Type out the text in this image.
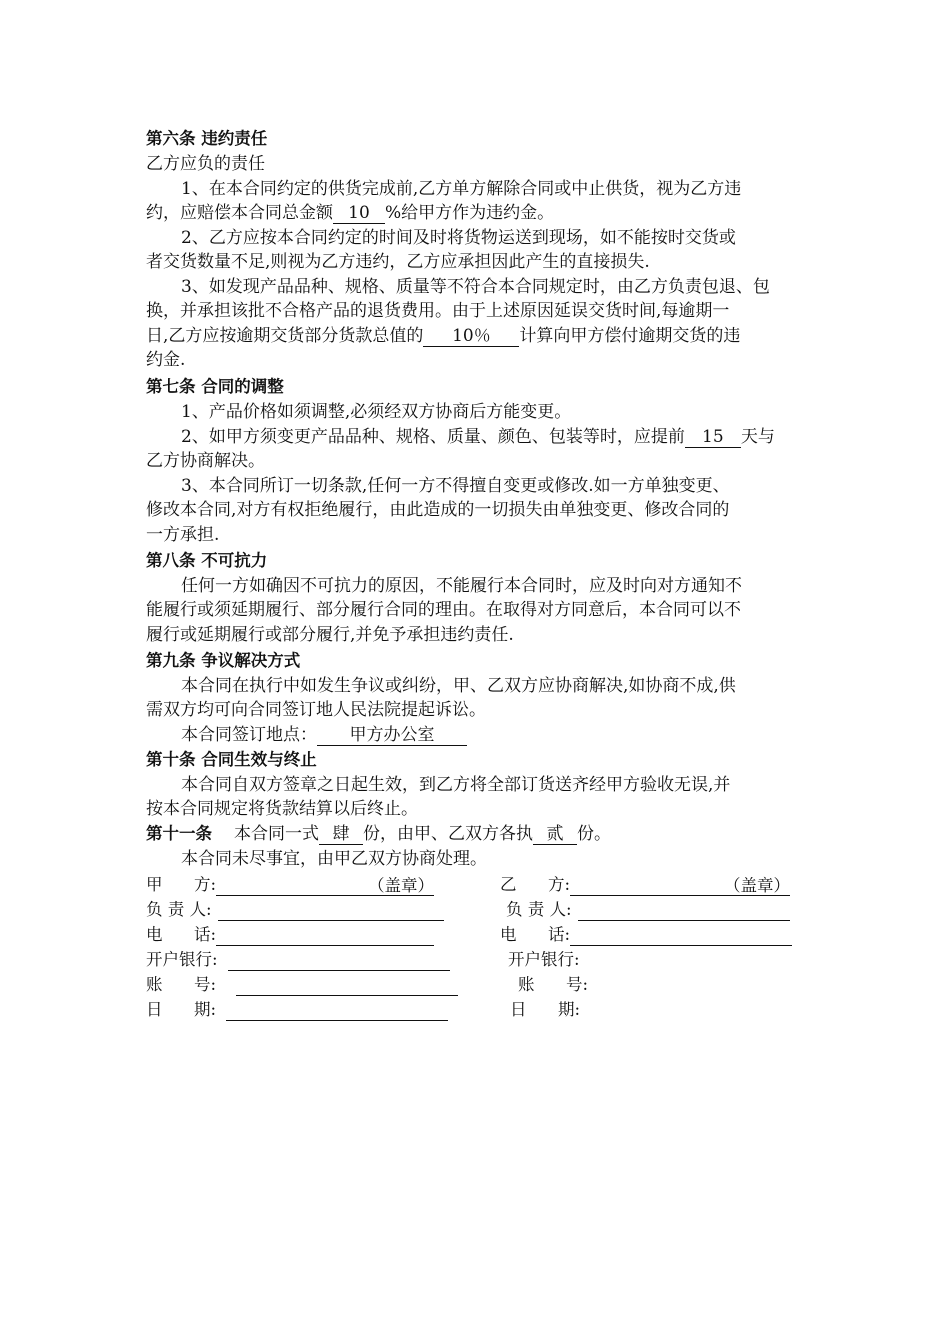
第六条 违约责任
乙方应负的责任
1、在本合同约定的供货完成前,乙方单方解除合同或中止供货，视为乙方违
约，应赔偿本合同总金额 10 %给甲方作为违约金。
2、乙方应按本合同约定的时间及时将货物运送到现场，如不能按时交货或
者交货数量不足,则视为乙方违约，乙方应承担因此产生的直接损失.
3、如发现产品品种、规格、质量等不符合本合同规定时，由乙方负责包退、包
换，并承担该批不合格产品的退货费用。由于上述原因延误交货时间,每逾期一
日,乙方应按逾期交货部分货款总值的 10％ 计算向甲方偿付逾期交货的违
约金.
第七条 合同的调整
1、产品价格如须调整,必须经双方协商后方能变更。
2、如甲方须变更产品品种、规格、质量、颜色、包装等时，应提前 15 天与
乙方协商解决。
3、本合同所订一切条款,任何一方不得擅自变更或修改.如一方单独变更、
修改本合同,对方有权拒绝履行，由此造成的一切损失由单独变更、修改合同的
一方承担.
第八条 不可抗力
任何一方如确因不可抗力的原因，不能履行本合同时，应及时向对方通知不
能履行或须延期履行、部分履行合同的理由。在取得对方同意后，本合同可以不
履行或延期履行或部分履行,并免予承担违约责任.
第九条 争议解决方式
本合同在执行中如发生争议或纠纷，甲、乙双方应协商解决,如协商不成,供
需双方均可向合同签订地人民法院提起诉讼。
本合同签订地点： 甲方办公室
第十条 合同生效与终止
本合同自双方签章之日起生效，到乙方将全部订货送齐经甲方验收无误,并
按本合同规定将货款结算以后终止。
第十一条 本合同一式 肆 份，由甲、乙双方各执 贰 份。
本合同未尽事宜，由甲乙双方协商处理。
甲      方:	（盖章）
负 责 人:
电      话:
开户银行:
账      号:
日      期:
乙      方:	（盖章）
负 责 人:
电      话:
开户银行:
账      号:
日      期:
